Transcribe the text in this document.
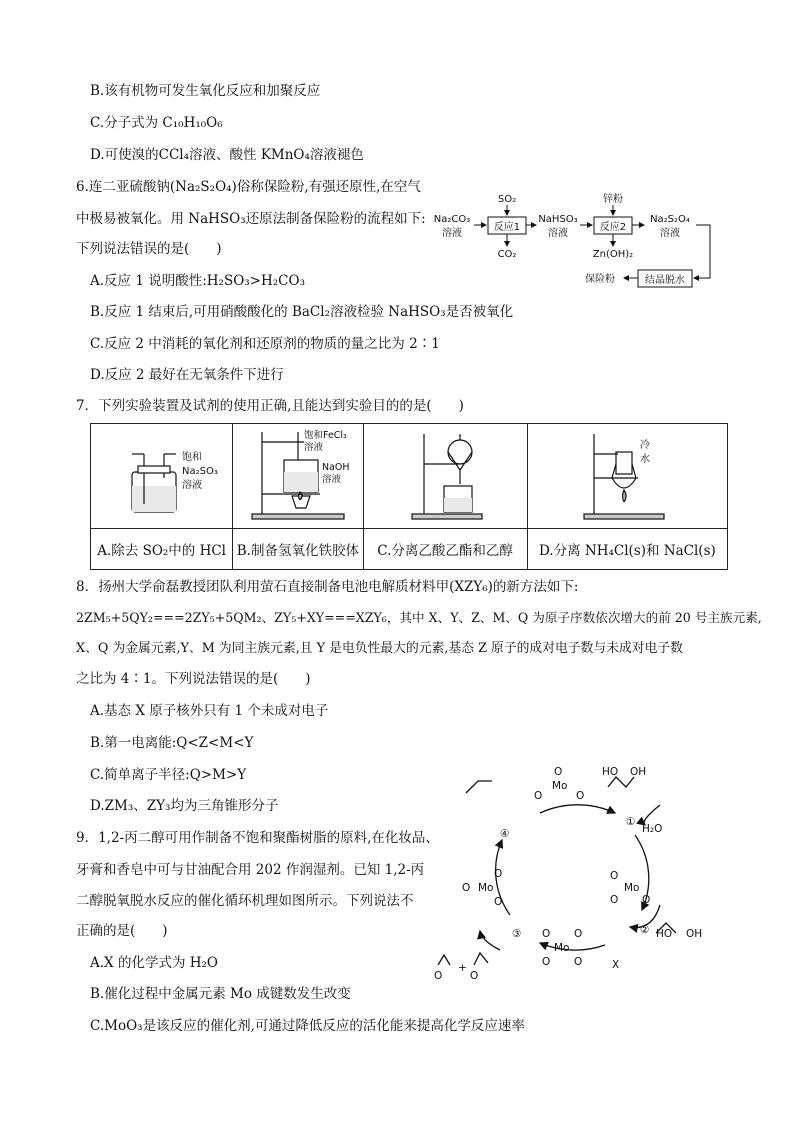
B.该有机物可发生氧化反应和加聚反应
C.分子式为 C₁₀H₁₀O₆
D.可使溴的CCl₄溶液、酸性 KMnO₄溶液褪色
6.连二亚硫酸钠(Na₂S₂O₄)俗称保险粉,有强还原性,在空气
中极易被氧化。用 NaHSO₃还原法制备保险粉的流程如下:
下列说法错误的是(　　)
Na₂CO₃
溶液
反应1
SO₂
CO₂
NaHSO₃
溶液
反应2
锌粉
Zn(OH)₂
Na₂S₂O₄
溶液
结晶脱水
保险粉
A.反应 1 说明酸性:H₂SO₃>H₂CO₃
B.反应 1 结束后,可用硝酸酸化的 BaCl₂溶液检验 NaHSO₃是否被氧化
C.反应 2 中消耗的氧化剂和还原剂的物质的量之比为 2∶1
D.反应 2 最好在无氧条件下进行
7．下列实验装置及试剂的使用正确,且能达到实验目的的是(　　)
饱和
Na₂SO₃
溶液	饱和FeCl₃
溶液
NaOH
溶液		冷
水

A.除去 SO₂中的 HCl	B.制备氢氧化铁胶体	C.分离乙酸乙酯和乙醇	D.分离 NH₄Cl(s)和 NaCl(s)
8．扬州大学俞磊教授团队利用萤石直接制备电池电解质材料甲(XZY₆)的新方法如下:
2ZM₅+5QY₂===2ZY₅+5QM₂、ZY₅+XY===XZY₆，其中 X、Y、Z、M、Q 为原子序数依次增大的前 20 号主族元素,
X、Q 为金属元素,Y、M 为同主族元素,且 Y 是电负性最大的元素,基态 Z 原子的成对电子数与未成对电子数
之比为 4∶1。下列说法错误的是(　　)
A.基态 X 原子核外只有 1 个未成对电子
B.第一电离能:Q<Z<M<Y
C.简单离子半径:Q>M>Y
D.ZM₃、ZY₃均为三角锥形分子
9．1,2-丙二醇可用作制备不饱和聚酯树脂的原料,在化妆品、
牙膏和香皂中可与甘油配合用 202 作润湿剂。已知 1,2-丙
二醇脱氧脱水反应的催化循环机理如图所示。下列说法不
正确的是(　　)
A.X 的化学式为 H₂O
B.催化过程中金属元素 Mo 成键数发生改变
C.MoO₃是该反应的催化剂,可通过降低反应的活化能来提高化学反应速率
Mo
O
O	O
HO OH
H₂O
①
Mo
O
O O
② HO OH
X
Mo
O O
O O
③
O
+
O
Mo
O
O
O
④
